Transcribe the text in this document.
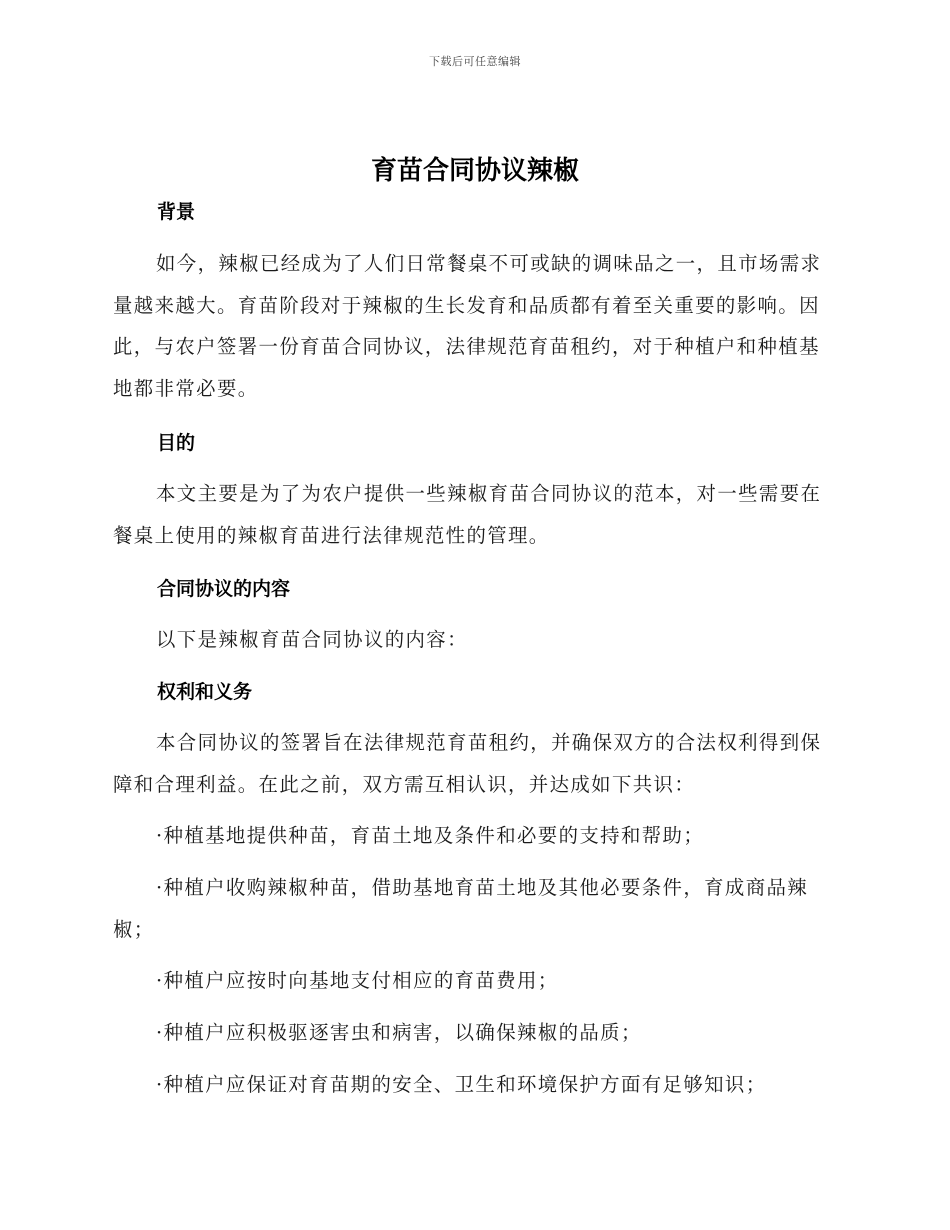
下载后可任意编辑
育苗合同协议辣椒
背景

如今，辣椒已经成为了人们日常餐桌不可或缺的调味品之一，且市场需求量越来越大。育苗阶段对于辣椒的生长发育和品质都有着至关重要的影响。因此，与农户签署一份育苗合同协议，法律规范育苗租约，对于种植户和种植基地都非常必要。

目的

本文主要是为了为农户提供一些辣椒育苗合同协议的范本，对一些需要在餐桌上使用的辣椒育苗进行法律规范性的管理。

合同协议的内容

以下是辣椒育苗合同协议的内容：

权利和义务

本合同协议的签署旨在法律规范育苗租约，并确保双方的合法权利得到保障和合理利益。在此之前，双方需互相认识，并达成如下共识：

·种植基地提供种苗，育苗土地及条件和必要的支持和帮助；

·种植户收购辣椒种苗，借助基地育苗土地及其他必要条件，育成商品辣椒；

·种植户应按时向基地支付相应的育苗费用；

·种植户应积极驱逐害虫和病害，以确保辣椒的品质；

·种植户应保证对育苗期的安全、卫生和环境保护方面有足够知识；
